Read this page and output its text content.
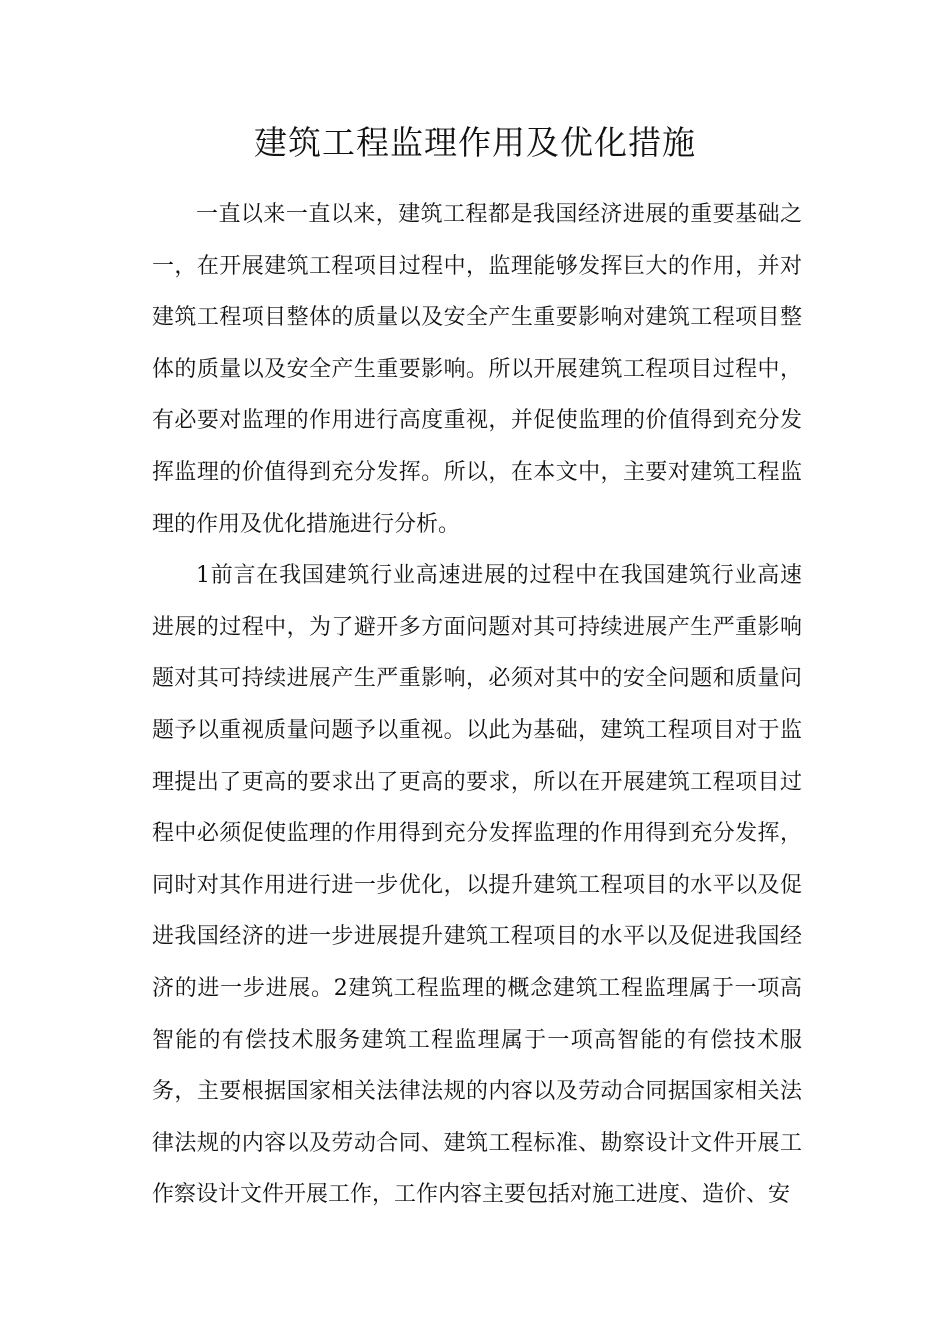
建筑工程监理作用及优化措施

一直以来一直以来，建筑工程都是我国经济进展的重要基础之一，在开展建筑工程项目过程中，监理能够发挥巨大的作用，并对建筑工程项目整体的质量以及安全产生重要影响对建筑工程项目整体的质量以及安全产生重要影响。所以开展建筑工程项目过程中，有必要对监理的作用进行高度重视，并促使监理的价值得到充分发挥监理的价值得到充分发挥。所以，在本文中，主要对建筑工程监理的作用及优化措施进行分析。

1前言在我国建筑行业高速进展的过程中在我国建筑行业高速进展的过程中，为了避开多方面问题对其可持续进展产生严重影响题对其可持续进展产生严重影响，必须对其中的安全问题和质量问题予以重视质量问题予以重视。以此为基础，建筑工程项目对于监理提出了更高的要求出了更高的要求，所以在开展建筑工程项目过程中必须促使监理的作用得到充分发挥监理的作用得到充分发挥，同时对其作用进行进一步优化，以提升建筑工程项目的水平以及促进我国经济的进一步进展提升建筑工程项目的水平以及促进我国经济的进一步进展。2建筑工程监理的概念建筑工程监理属于一项高智能的有偿技术服务建筑工程监理属于一项高智能的有偿技术服务，主要根据国家相关法律法规的内容以及劳动合同据国家相关法律法规的内容以及劳动合同、建筑工程标准、勘察设计文件开展工作察设计文件开展工作，工作内容主要包括对施工进度、造价、安
